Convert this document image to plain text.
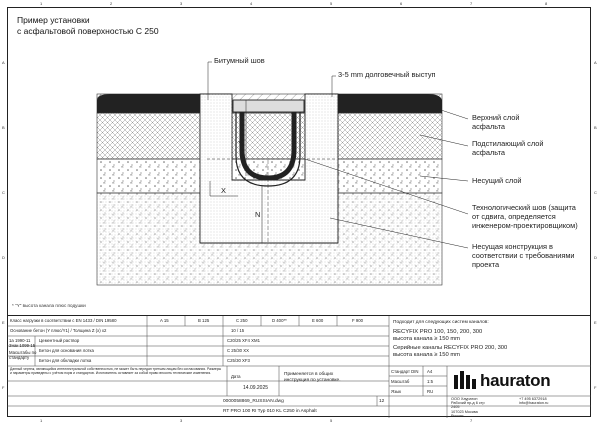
A
B
C
D
E
F
A
B
C
D
E
F
1	2	3	4	5	6	7	8
1	3	5	7
Пример установки
с асфальтовой поверхностью С 250
X
Y
N
Битумный шов
3-5 mm долговечный выступ
Верхний слой
асфальта
Подстилающий слой
асфальта
Несущий слой
Технологический шов (защита
от сдвига, определяется
инженером-проектировщиком)
Несущая конструкция в
соответствии с требованиями
проекта
* "Y" высота канала плюс подушки
Класс нагрузки в соответствии с EN 1433 / DIN 19580	A 15	B 125	C 250	D 400**	E 600	F 900
Основание бетон (Y плюс/Y1) / Толщина Z (x) x2	10 / 15
1a 1990-11
Знак 1099-15
Масштабы по
стандарту
Цементный раствор	C20/25 XF4 XM1
Бетон для основания лотка	C 25/30 XX
Бетон для обкладки лотка	C25/30 XF3
Данный чертеж, являющийся интеллектуальной собственностью, не может быть передан третьим лицам без согласования. Размеры и параметры приведены с учётом норм и стандартов. Изготовитель оставляет за собой право вносить технические изменения.
Дата
14.09.2025
Применяется в общих
инструкция по установке.
0000058869_RUSSIAN.dwg	12
RT PRO 100 RI Typ 010 KL C250 in Asphalt
Подходит для следующих систем каналов:
RECYFIX PRO 100, 150, 200, 300
высота канала ≥ 150 mm
Серийные каналы RECYFIX PRO 200, 300
высота канала ≥ 150 mm
Стандарт DIN A4
Масштаб	1:5
Язык	RU
hauraton
ООО Хауратон
Рабочий пр-д 6 стр
2405
107023 Москва
Россия
+7 495 6372918
info@hauraton.ru
